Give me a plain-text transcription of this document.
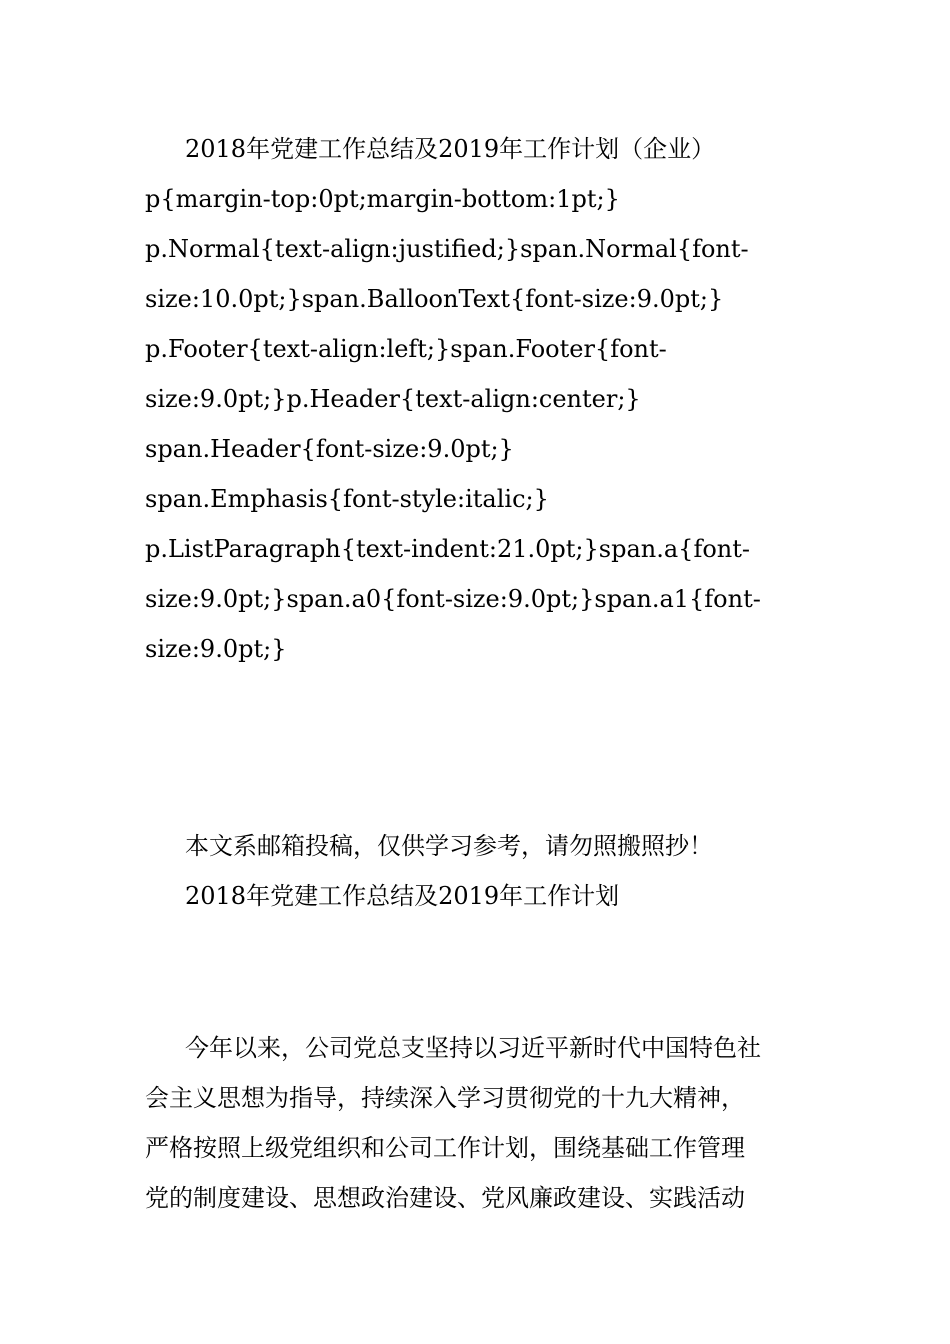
2018年党建工作总结及2019年工作计划（企业）
p{margin-top:0pt;margin-bottom:1pt;}
p.Normal{text-align:justified;}span.Normal{font-
size:10.0pt;}span.BalloonText{font-size:9.0pt;}
p.Footer{text-align:left;}span.Footer{font-
size:9.0pt;}p.Header{text-align:center;}
span.Header{font-size:9.0pt;}
span.Emphasis{font-style:italic;}
p.ListParagraph{text-indent:21.0pt;}span.a{font-
size:9.0pt;}span.a0{font-size:9.0pt;}span.a1{font-
size:9.0pt;}
本文系邮箱投稿，仅供学习参考，请勿照搬照抄！
2018年党建工作总结及2019年工作计划
今年以来，公司党总支坚持以习近平新时代中国特色社
会主义思想为指导，持续深入学习贯彻党的十九大精神，
严格按照上级党组织和公司工作计划，围绕基础工作管理
党的制度建设、思想政治建设、党风廉政建设、实践活动
